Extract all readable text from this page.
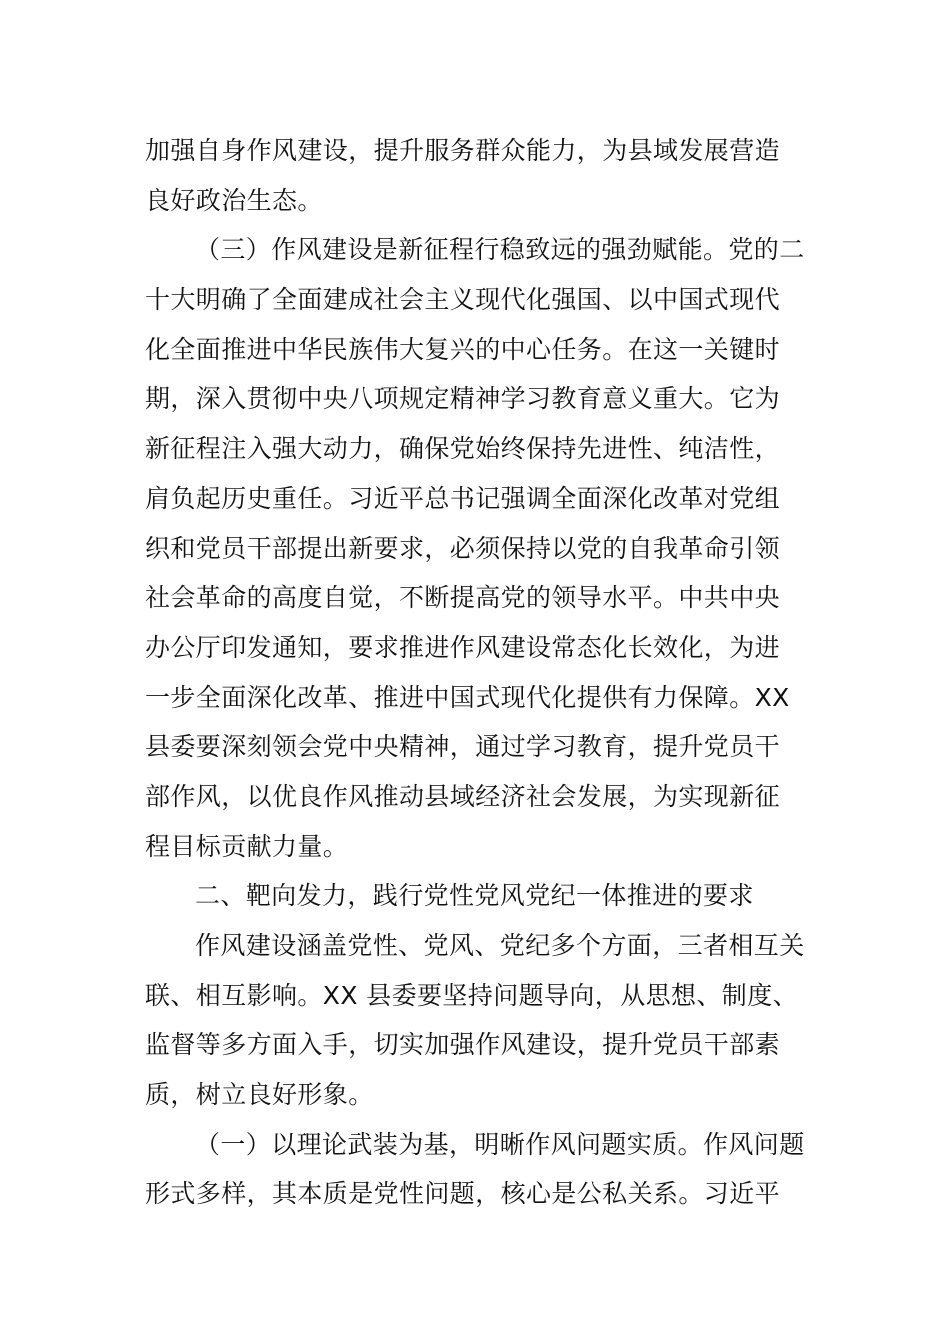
加强自身作风建设，提升服务群众能力，为县域发展营造
良好政治生态。
（三）作风建设是新征程行稳致远的强劲赋能。党的二
十大明确了全面建成社会主义现代化强国、以中国式现代
化全面推进中华民族伟大复兴的中心任务。在这一关键时
期，深入贯彻中央八项规定精神学习教育意义重大。它为
新征程注入强大动力，确保党始终保持先进性、纯洁性，
肩负起历史重任。习近平总书记强调全面深化改革对党组
织和党员干部提出新要求，必须保持以党的自我革命引领
社会革命的高度自觉，不断提高党的领导水平。中共中央
办公厅印发通知，要求推进作风建设常态化长效化，为进
一步全面深化改革、推进中国式现代化提供有力保障。XX
县委要深刻领会党中央精神，通过学习教育，提升党员干
部作风，以优良作风推动县域经济社会发展，为实现新征
程目标贡献力量。
二、靶向发力，践行党性党风党纪一体推进的要求
作风建设涵盖党性、党风、党纪多个方面，三者相互关
联、相互影响。XX 县委要坚持问题导向，从思想、制度、
监督等多方面入手，切实加强作风建设，提升党员干部素
质，树立良好形象。
（一）以理论武装为基，明晰作风问题实质。作风问题
形式多样，其本质是党性问题，核心是公私关系。习近平
